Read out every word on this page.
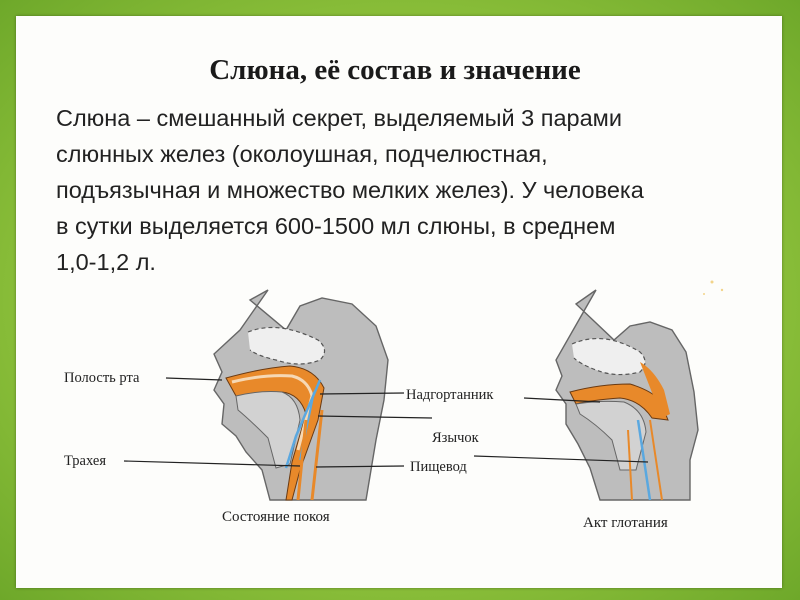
Слюна, её состав и значение
Слюна – смешанный секрет, выделяемый 3 парами
слюнных желез (околоушная, подчелюстная,
подъязычная и множество мелких желез). У человека
в сутки выделяется 600-1500 мл слюны, в среднем
1,0-1,2 л.
Полость рта
Трахея
Надгортанник
Язычок
Пищевод
Состояние покоя	Акт глотания
